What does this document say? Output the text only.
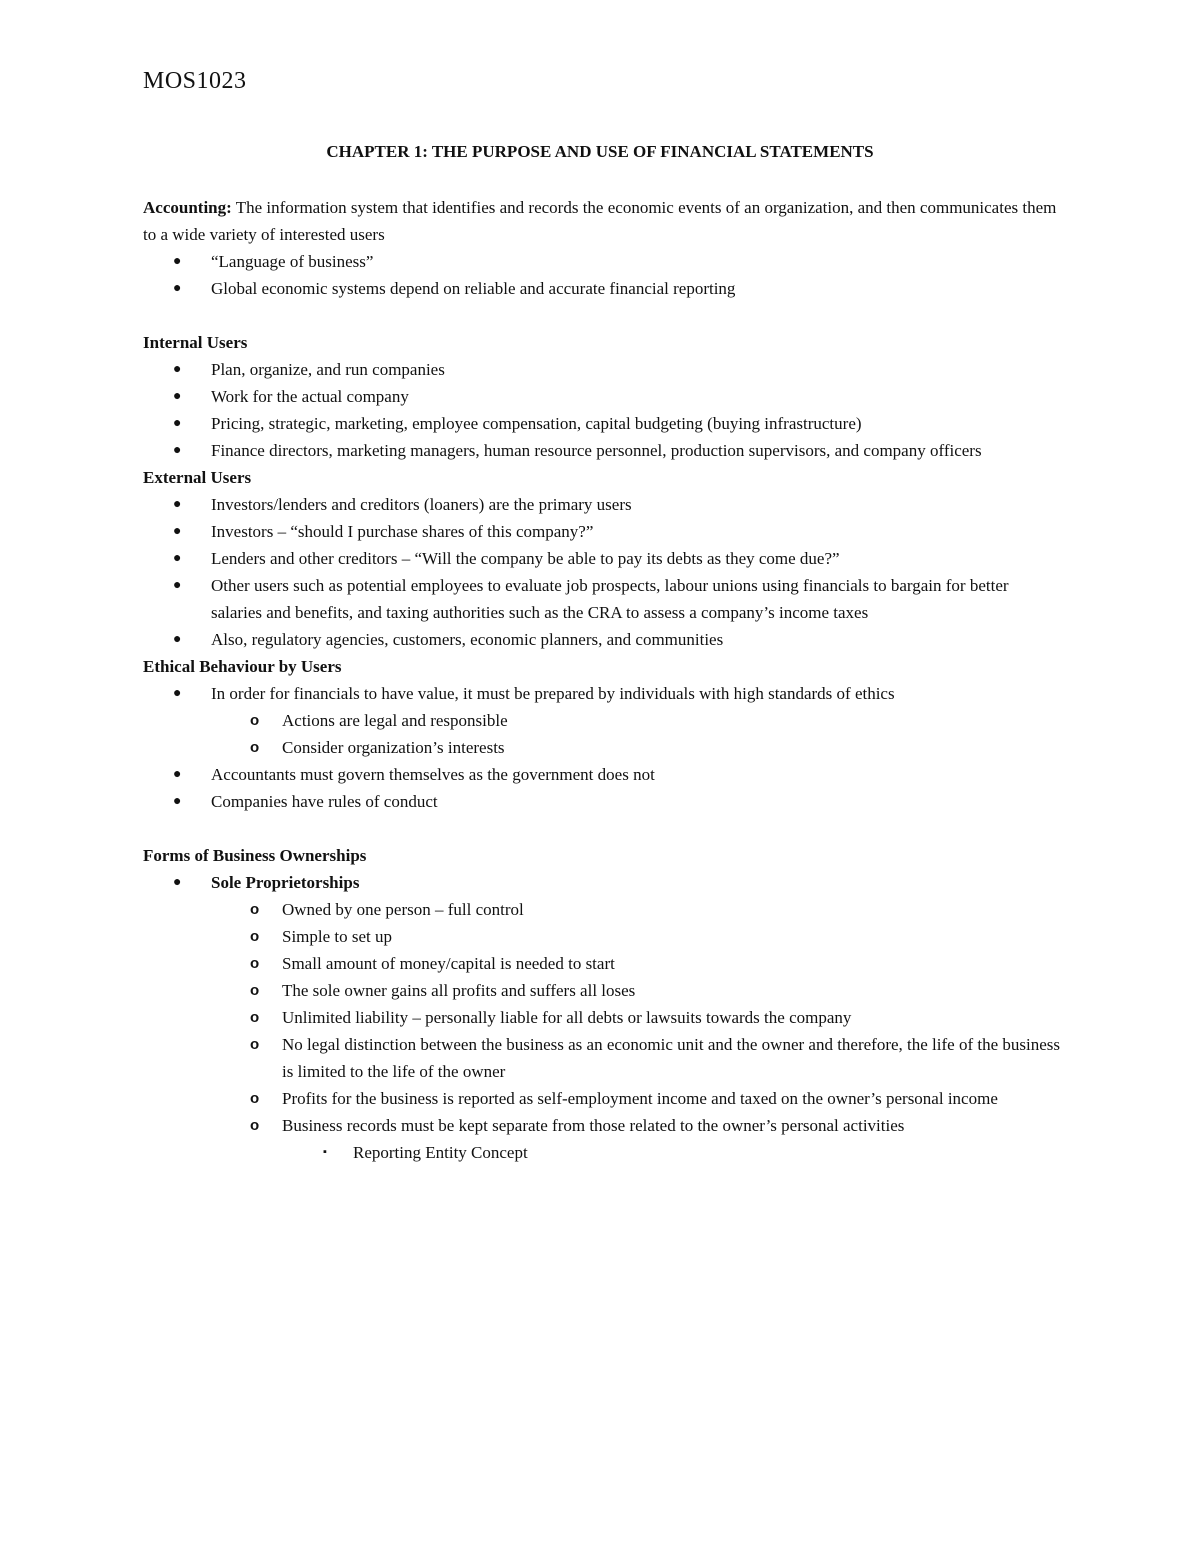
MOS1023
CHAPTER 1: THE PURPOSE AND USE OF FINANCIAL STATEMENTS

Accounting: The information system that identifies and records the economic events of an organization, and then communicates them to a wide variety of interested users

● “Language of business”
● Global economic systems depend on reliable and accurate financial reporting
Internal Users
● Plan, organize, and run companies
● Work for the actual company
● Pricing, strategic, marketing, employee compensation, capital budgeting (buying infrastructure)
● Finance directors, marketing managers, human resource personnel, production supervisors, and company officers
External Users
● Investors/lenders and creditors (loaners) are the primary users
● Investors – “should I purchase shares of this company?”
● Lenders and other creditors – “Will the company be able to pay its debts as they come due?”
● Other users such as potential employees to evaluate job prospects, labour unions using financials to bargain for better salaries and benefits, and taxing authorities such as the CRA to assess a company’s income taxes
● Also, regulatory agencies, customers, economic planners, and communities
Ethical Behaviour by Users
● In order for financials to have value, it must be prepared by individuals with high standards of ethics
o Actions are legal and responsible
o Consider organization’s interests
● Accountants must govern themselves as the government does not
● Companies have rules of conduct
Forms of Business Ownerships
● Sole Proprietorships
o Owned by one person – full control
o Simple to set up
o Small amount of money/capital is needed to start
o The sole owner gains all profits and suffers all loses
o Unlimited liability – personally liable for all debts or lawsuits towards the company
o No legal distinction between the business as an economic unit and the owner and therefore, the life of the business is limited to the life of the owner
o Profits for the business is reported as self-employment income and taxed on the owner’s personal income
o Business records must be kept separate from those related to the owner’s personal activities
▪ Reporting Entity Concept
